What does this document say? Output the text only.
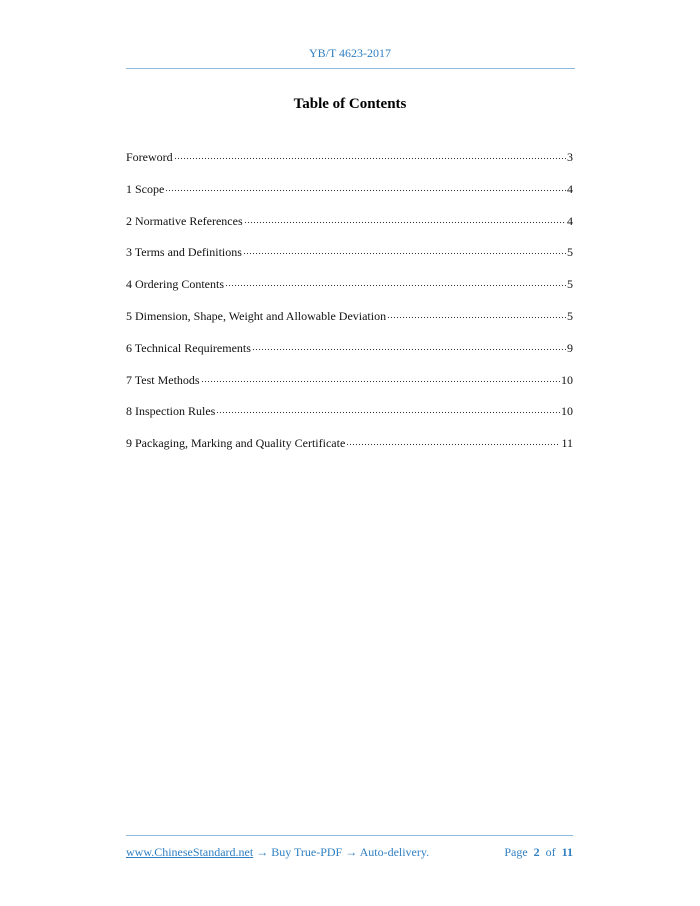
YB/T 4623-2017
Table of Contents
Foreword	3
1 Scope	4
2 Normative References	4
3 Terms and Definitions	5
4 Ordering Contents	5
5 Dimension, Shape, Weight and Allowable Deviation	5
6 Technical Requirements	9
7 Test Methods	10
8 Inspection Rules	10
9 Packaging, Marking and Quality Certificate	11
www.ChineseStandard.net → Buy True-PDF → Auto-delivery.	Page 2 of 11
